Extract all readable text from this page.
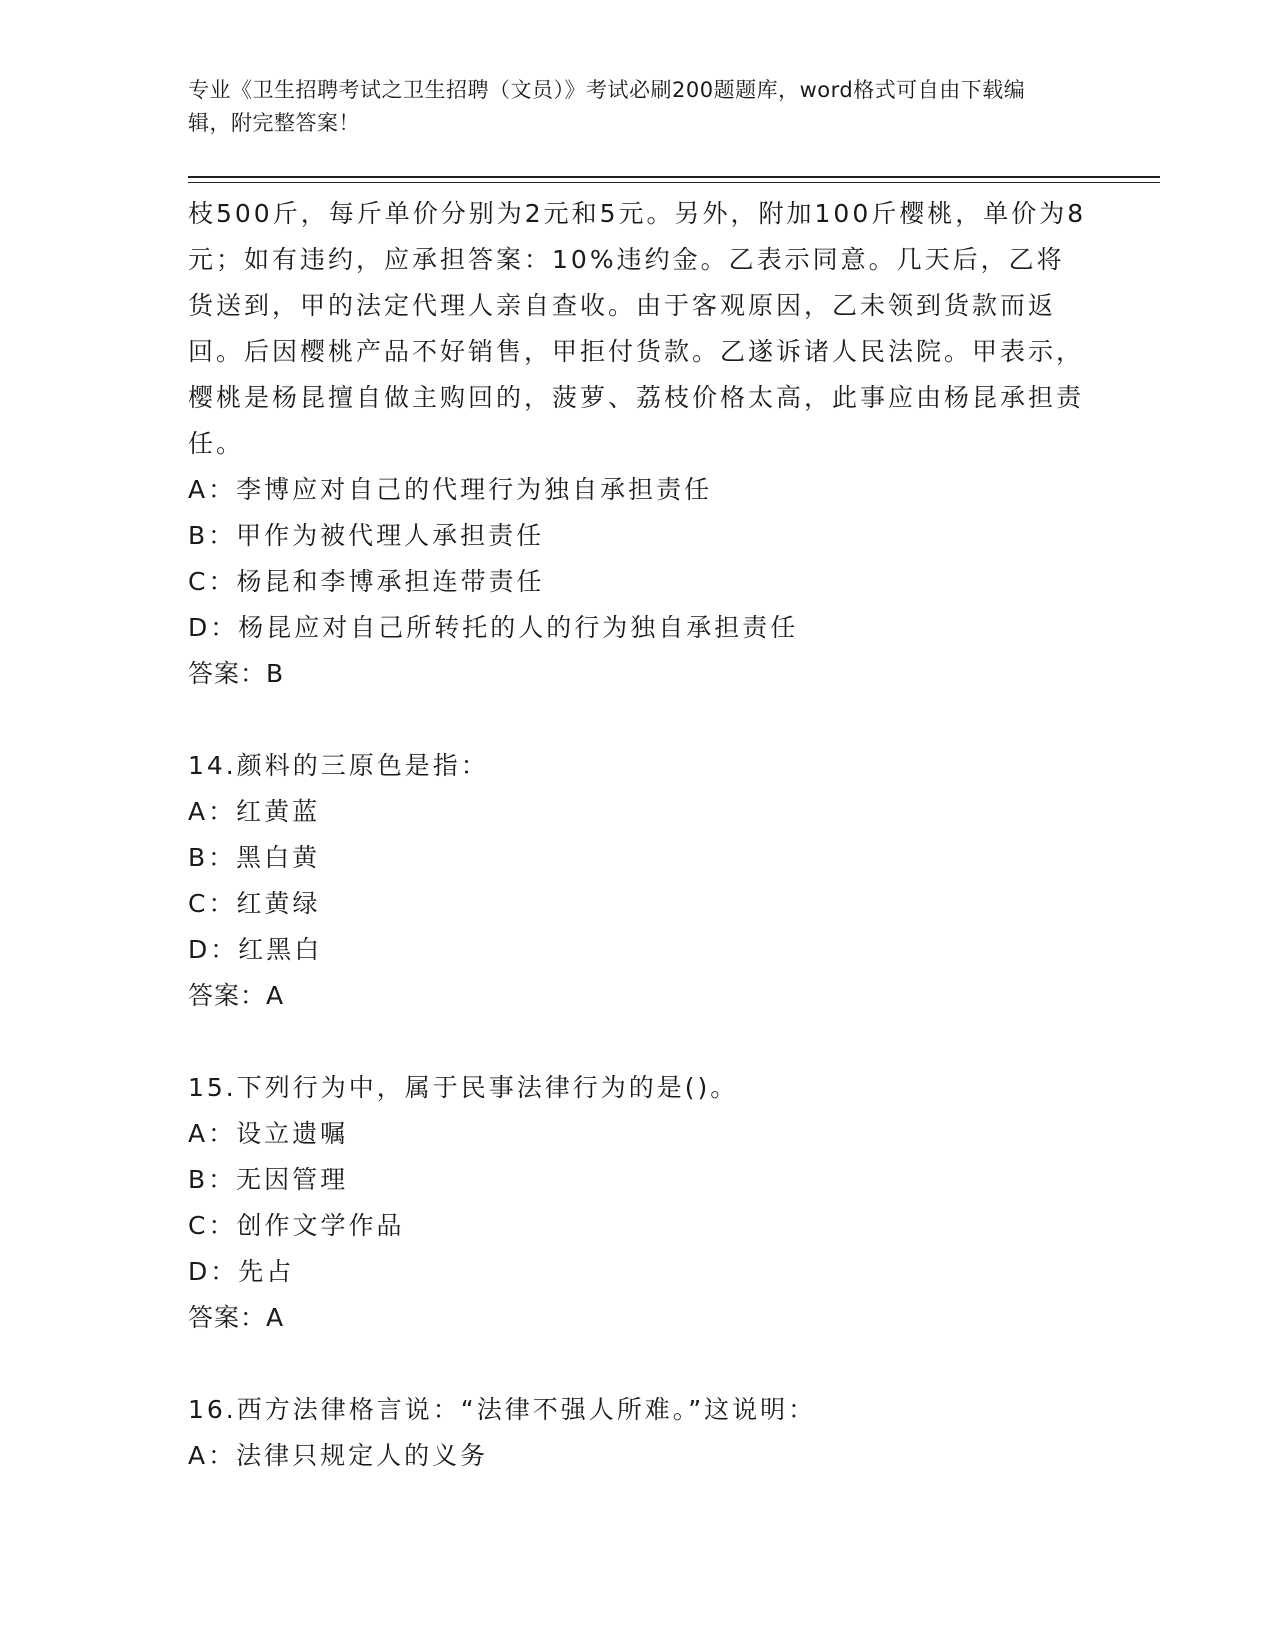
专业《卫生招聘考试之卫生招聘（文员）》考试必刷200题题库，word格式可自由下载编辑，附完整答案！

枝500斤，每斤单价分别为2元和5元。另外，附加100斤樱桃，单价为8元；如有违约，应承担答案：10%违约金。乙表示同意。几天后，乙将货送到，甲的法定代理人亲自查收。由于客观原因，乙未领到货款而返回。后因樱桃产品不好销售，甲拒付货款。乙遂诉诸人民法院。甲表示，樱桃是杨昆擅自做主购回的，菠萝、荔枝价格太高，此事应由杨昆承担责任。

A：李博应对自己的代理行为独自承担责任

B：甲作为被代理人承担责任

C：杨昆和李博承担连带责任

D：杨昆应对自己所转托的人的行为独自承担责任

答案：B

14.颜料的三原色是指：

A：红黄蓝

B：黑白黄

C：红黄绿

D：红黑白

答案：A

15.下列行为中，属于民事法律行为的是()。

A：设立遗嘱

B：无因管理

C：创作文学作品

D：先占

答案：A

16.西方法律格言说：“法律不强人所难。”这说明：

A：法律只规定人的义务
